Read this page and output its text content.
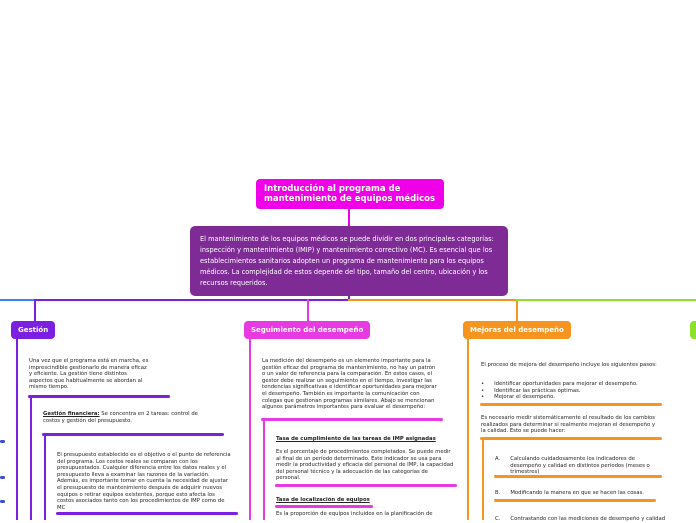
Introducción al programa de mantenimiento de equipos médicos
El mantenimiento de los equipos médicos se puede dividir en dos principales categorías: inspección y mantenimiento (IMIP) y mantenimiento correctivo (MC). Es esencial que los establecimientos sanitarios adopten un programa de mantenimiento para los equipos médicos. La complejidad de estos depende del tipo, tamaño del centro, ubicación y los recursos requeridos.
Gestión
Una vez que el programa está en marcha, es imprescindible gestionarlo de manera eficaz y eficiente. La gestión tiene distintos aspectos que habitualmente se abordan al mismo tiempo.
Gestión financiera: Se concentra en 2 tareas: control de costos y gestión del presupuesto.
El presupuesto establecido es el objetivo o el punto de referencia del programa. Los costos reales se comparan con los presupuestados. Cualquier diferencia entre los datos reales y el presupuesto lleva a examinar las razones de la variación. Además, es importante tomar en cuenta la necesidad de ajustar el presupuesto de mantenimiento después de adquirir nuevos equipos o retirar equipos existentes, porque esto afecta los costos asociados tanto con los procedimientos de IMP como de MC
Seguimiento del desempeño
La medición del desempeño es un elemento importante para la gestión eficaz del programa de mantenimiento, no hay un patrón o un valor de referencia para la comparación. En estos casos, el gestor debe realizar un seguimiento en el tiempo, investigar las tendencias significativas e identificar oportunidades para mejorar el desempeño. También es importante la comunicación con colegas que gestionan programas similares. Abajo se mencionan algunos parámetros importantes para evaluar el desempeño:
Tasa de cumplimiento de las tareas de IMP asignadas
Es el porcentaje de procedimientos completados. Se puede medir al final de un período determinado. Este indicador se usa para medir la productividad y eficacia del personal de IMP, la capacidad del personal técnico y la adecuación de las categorías de personal.
Tasa de localización de equipos
Es la proporción de equipos incluidos en la planificación de
Mejoras del desempeño
El proceso de mejora del desempeño incluye los siguientes pasos:
• Identificar oportunidades para mejorar el desempeño.
• Identificar las prácticas óptimas.
• Mejorar el desempeño.
Es necesario medir sistemáticamente el resultado de los cambios realizados para determinar si realmente mejoran el desempeño y la calidad. Esto se puede hacer:
A. Calculando cuidadosamente los indicadores de desempeño y calidad en distintos períodos (meses o trimestres)
B. Modificando la manera en que se hacen las cosas.
C. Contrastando con las mediciones de desempeño y calidad
